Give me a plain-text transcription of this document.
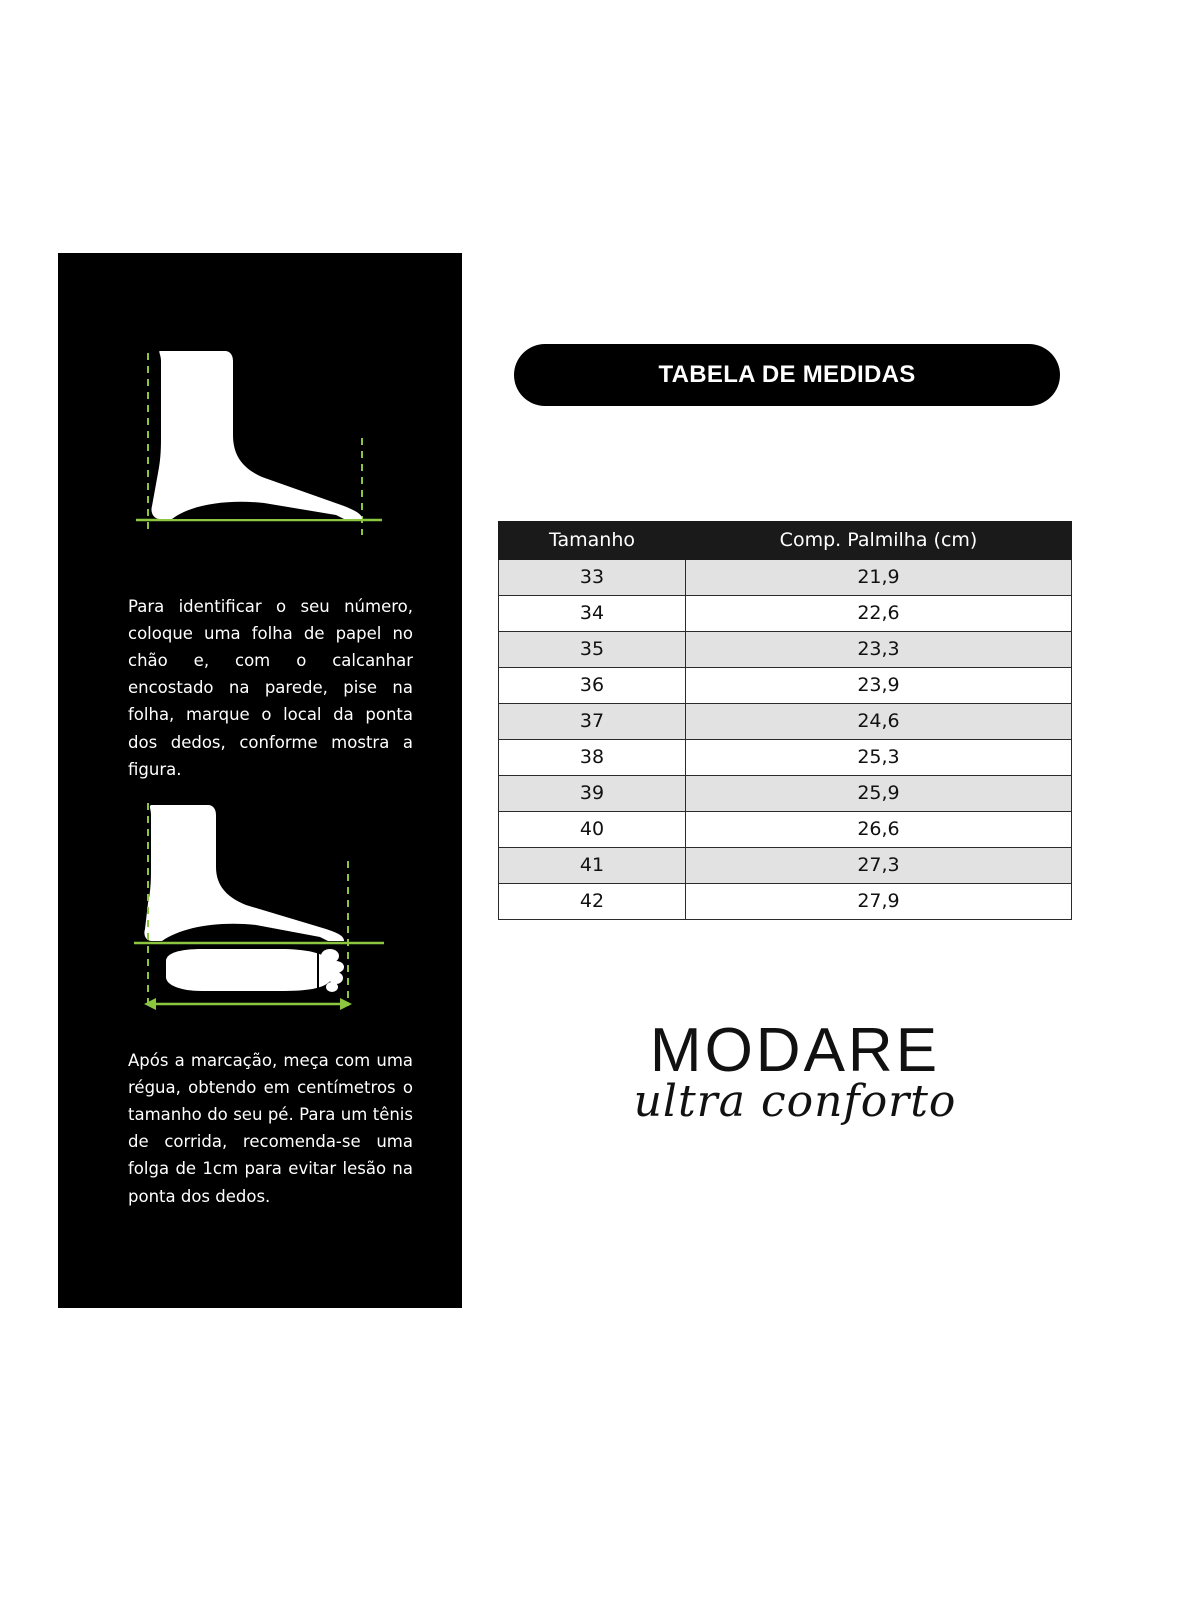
Para identificar o seu número, coloque uma folha de papel no chão e, com o calcanhar encostado na parede, pise na folha, marque o local da ponta dos dedos, conforme mostra a figura.

Após a marcação, meça com uma régua, obtendo em centímetros o tamanho do seu pé. Para um tênis de corrida, recomenda-se uma folga de 1cm para evitar lesão na ponta dos dedos.

TABELA DE MEDIDAS
Tamanho	Comp. Palmilha (cm)
33	21,9
34	22,6
35	23,3
36	23,9
37	24,6
38	25,3
39	25,9
40	26,6
41	27,3
42	27,9
MODARE
ultra conforto
